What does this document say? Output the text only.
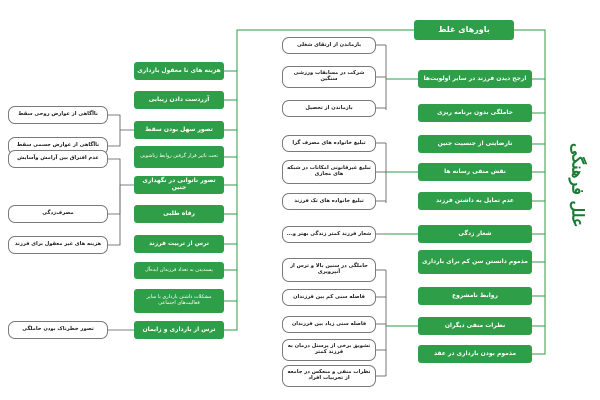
باورهای غلط
علل فرهنگی
ارجح دیدن فرزند در سایر اولویت‌ها
حاملگی بدون برنامه ریزی
نارضایتی از جنسیت جنین
نقش منفی رسانه ها
عدم تمایل به داشتن فرزند
شعار زدگی
مذموم دانستن سن کم برای بارداری
روابط نامشروع
نظرات منفی دیگران
مذموم بودن بارداری در عقد
بازماندن از ارتقای شغلی
شرکت در مسابقات ورزشی سنگین
بازماندن از تحصیل
تبلیغ خانواده های مصرف گرا
تبلیغ غیرقانونی امکانات در شبکه های مجازی
تبلیغ خانواده های تک فرزند
شعار فرزند کمتر زندگی بهتر و...
حاملگی در سنین بالا و ترس از آنپرویری
فاصله سنی کم بین فرزندان
فاصله سنی زیاد بین فرزندان
تشویق برخی از پرسنل درمان به فرزند کمتر
نظرات منفی و منعکس در جامعه از تجربیات افراد
هزینه های نا معقول بارداری
آزردست دادن زیبایی
تصور سهل بودن سقط
تحت تاثیر قرار گرفتن روابط زناشویی
تصور ناتوانی در نگهداری جنین
رفاه طلبی
ترس از تربیت فرزند
پسندیدن به تعداد فرزندان ایده‌آل
مشکلات داشتن بارداری با سایر فعالیت‌های اجتماعی
ترس از بارداری و زایمان
ناآگاهی از عوارض روحی سقط
ناآگاهی از عوارض جسمی سقط
عدم افتراق بین آرامش وآسایش
مصرف‌زدگی
هزینه های غیر معقول برای فرزند
تصور خطرناک بودن حاملگی
